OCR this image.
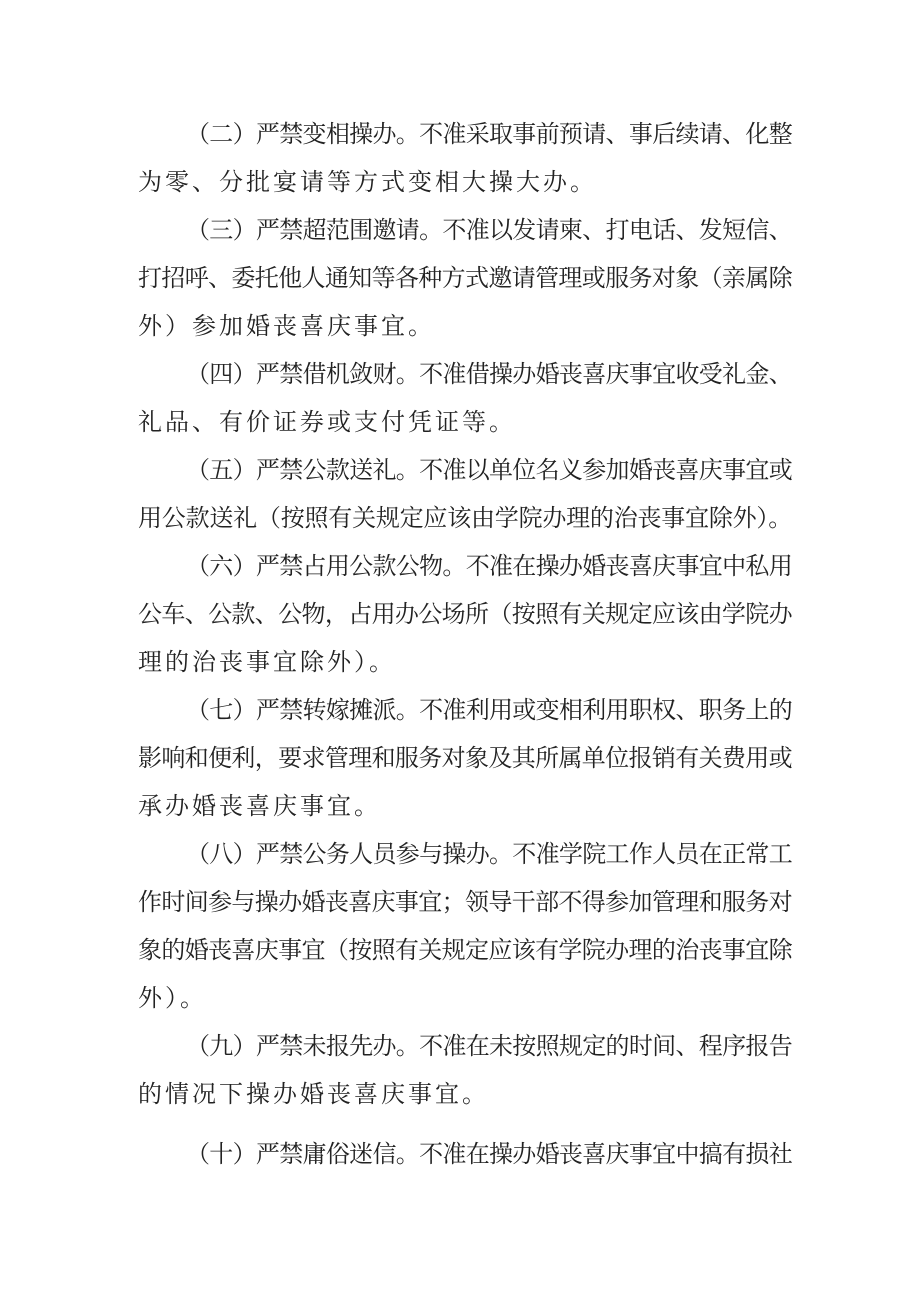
（二）严禁变相操办。不准采取事前预请、事后续请、化整
为零、分批宴请等方式变相大操大办。
（三）严禁超范围邀请。不准以发请柬、打电话、发短信、
打招呼、委托他人通知等各种方式邀请管理或服务对象（亲属除
外）参加婚丧喜庆事宜。
（四）严禁借机敛财。不准借操办婚丧喜庆事宜收受礼金、
礼品、有价证券或支付凭证等。
（五）严禁公款送礼。不准以单位名义参加婚丧喜庆事宜或
用公款送礼（按照有关规定应该由学院办理的治丧事宜除外）。
（六）严禁占用公款公物。不准在操办婚丧喜庆事宜中私用
公车、公款、公物，占用办公场所（按照有关规定应该由学院办
理的治丧事宜除外）。
（七）严禁转嫁摊派。不准利用或变相利用职权、职务上的
影响和便利，要求管理和服务对象及其所属单位报销有关费用或
承办婚丧喜庆事宜。
（八）严禁公务人员参与操办。不准学院工作人员在正常工
作时间参与操办婚丧喜庆事宜；领导干部不得参加管理和服务对
象的婚丧喜庆事宜（按照有关规定应该有学院办理的治丧事宜除
外）。
（九）严禁未报先办。不准在未按照规定的时间、程序报告
的情况下操办婚丧喜庆事宜。
（十）严禁庸俗迷信。不准在操办婚丧喜庆事宜中搞有损社
